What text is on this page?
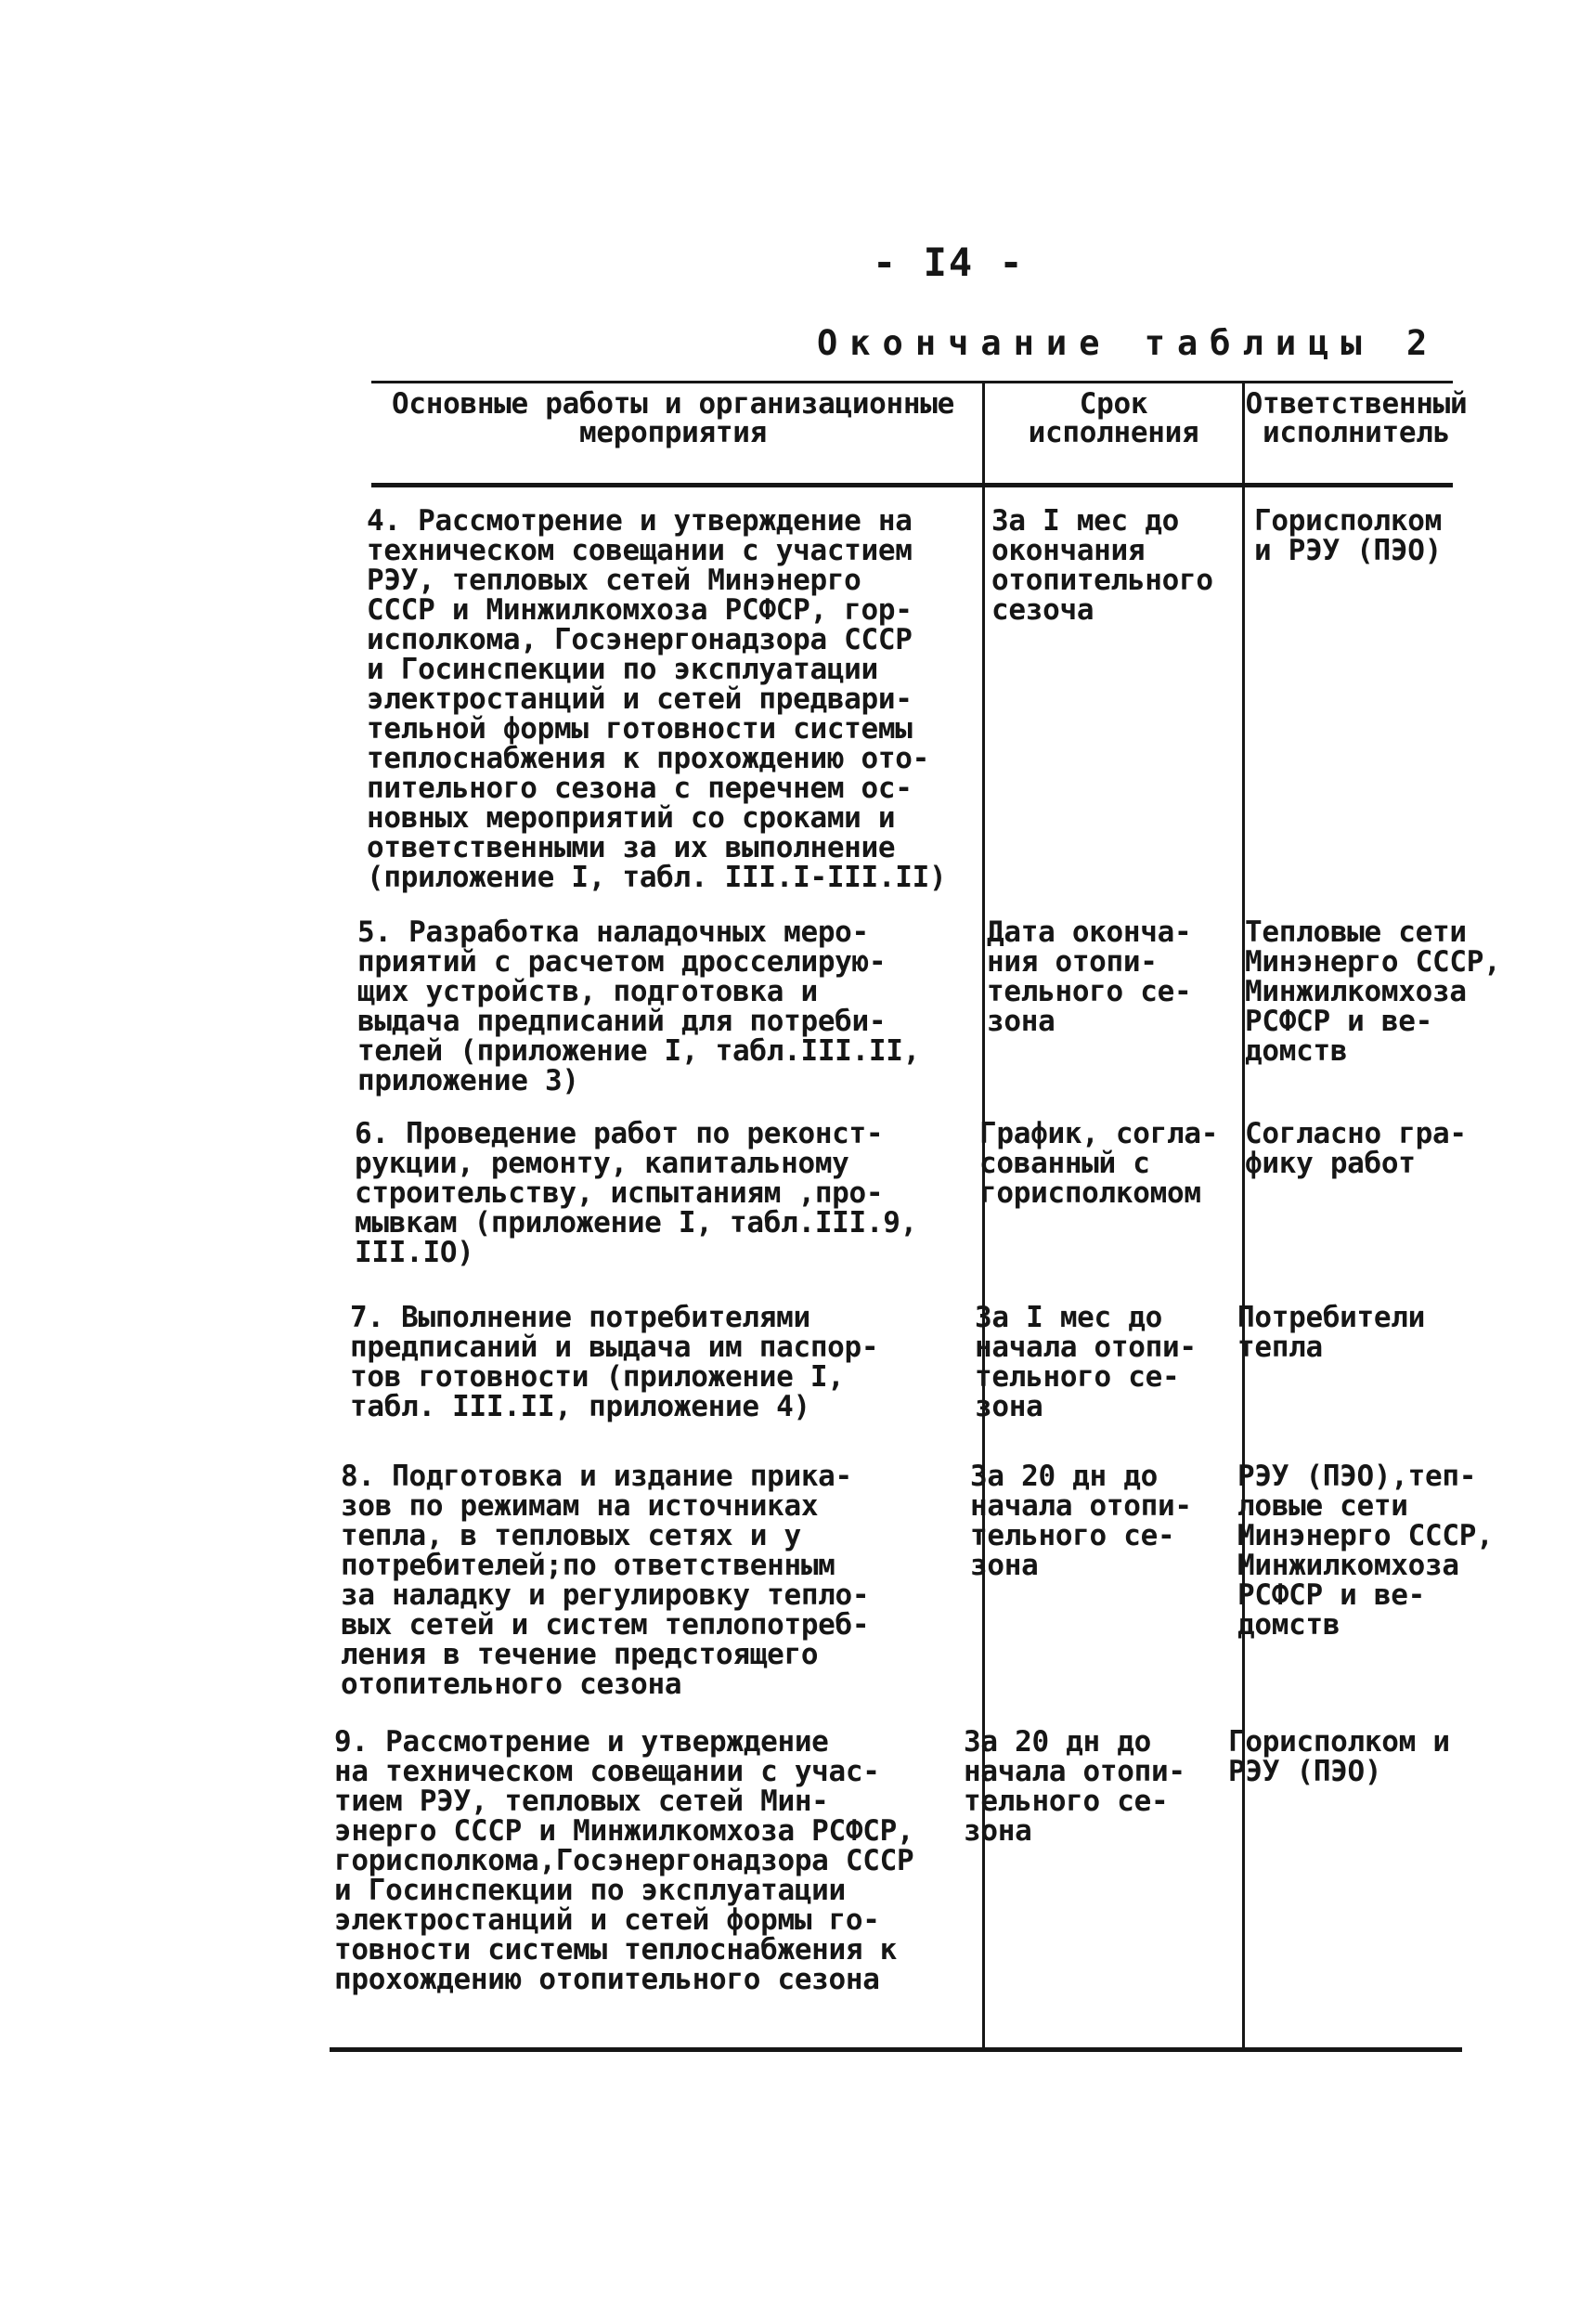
- I4 -
Окончание таблицы 2
Основные работы и организационные
мероприятия
Срок
исполнения
Ответственный
исполнитель
4. Рассмотрение и утверждение на
техническом совещании с участием
РЭУ, тепловых сетей Минэнерго
СССР и Минжилкомхоза РСФСР, гор-
исполкома, Госэнергонадзора СССР
и Госинспекции по эксплуатации
электростанций и сетей предвари-
тельной формы готовности системы
теплоснабжения к прохождению ото-
пительного сезона с перечнем ос-
новных мероприятий со сроками и
ответственными за их выполнение
(приложение I, табл. III.I-III.II)
За I мес до
окончания
отопительного
сезоча
Горисполком
и РЭУ (ПЭО)
5. Разработка наладочных меро-
приятий с расчетом дросселирую-
щих устройств, подготовка и
выдача предписаний для потреби-
телей (приложение I, табл.III.II,
приложение 3)
Дата оконча-
ния отопи-
тельного се-
зона
Тепловые сети
Минэнерго СССР,
Минжилкомхоза
РСФСР и ве-
домств
6. Проведение работ по реконст-
рукции, ремонту, капитальному
строительству, испытаниям ,про-
мывкам (приложение I, табл.III.9,
III.IO)
График, согла-
сованный с
горисполкомом
Согласно гра-
фику работ
7. Выполнение потребителями
предписаний и выдача им паспор-
тов готовности (приложение I,
табл. III.II, приложение 4)
За I мес до
начала отопи-
тельного се-
зона
Потребители
тепла
8. Подготовка и издание прика-
зов по режимам на источниках
тепла, в тепловых сетях и у
потребителей;по ответственным
за наладку и регулировку тепло-
вых сетей и систем теплопотреб-
ления в течение предстоящего
отопительного сезона
За 20 дн до
начала отопи-
тельного се-
зона
РЭУ (ПЭО),теп-
ловые сети
Минэнерго СССР,
Минжилкомхоза
РСФСР и ве-
домств
9. Рассмотрение и утверждение
на техническом совещании с учас-
тием РЭУ, тепловых сетей Мин-
энерго СССР и Минжилкомхоза РСФСР,
горисполкома,Госэнергонадзора СССР
и Госинспекции по эксплуатации
электростанций и сетей формы го-
товности системы теплоснабжения к
прохождению отопительного сезона
За 20 дн до
начала отопи-
тельного се-
зона
Горисполком и
РЭУ (ПЭО)
